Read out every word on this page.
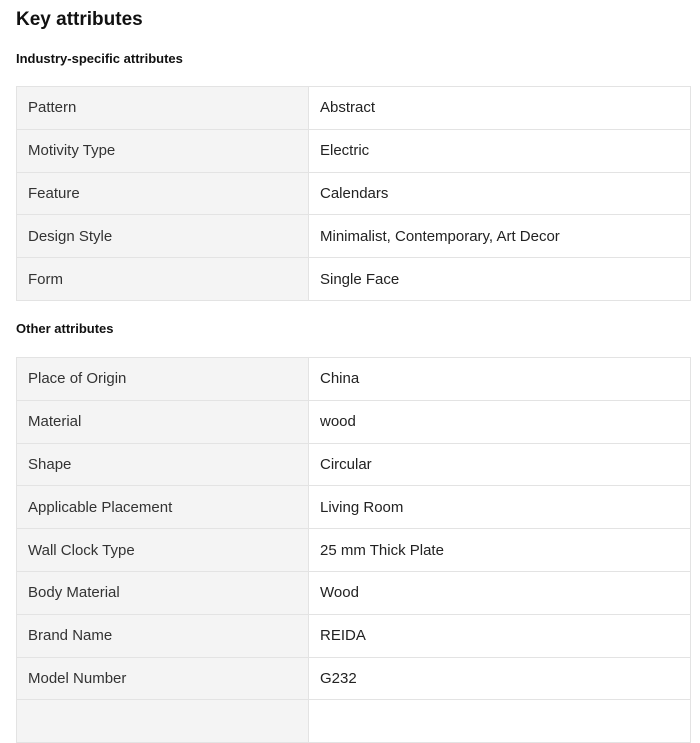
Key attributes
Industry-specific attributes
Pattern	Abstract
Motivity Type	Electric
Feature	Calendars
Design Style	Minimalist, Contemporary, Art Decor
Form	Single Face
Other attributes
Place of Origin	China
Material	wood
Shape	Circular
Applicable Placement	Living Room
Wall Clock Type	25 mm Thick Plate
Body Material	Wood
Brand Name	REIDA
Model Number	G232
